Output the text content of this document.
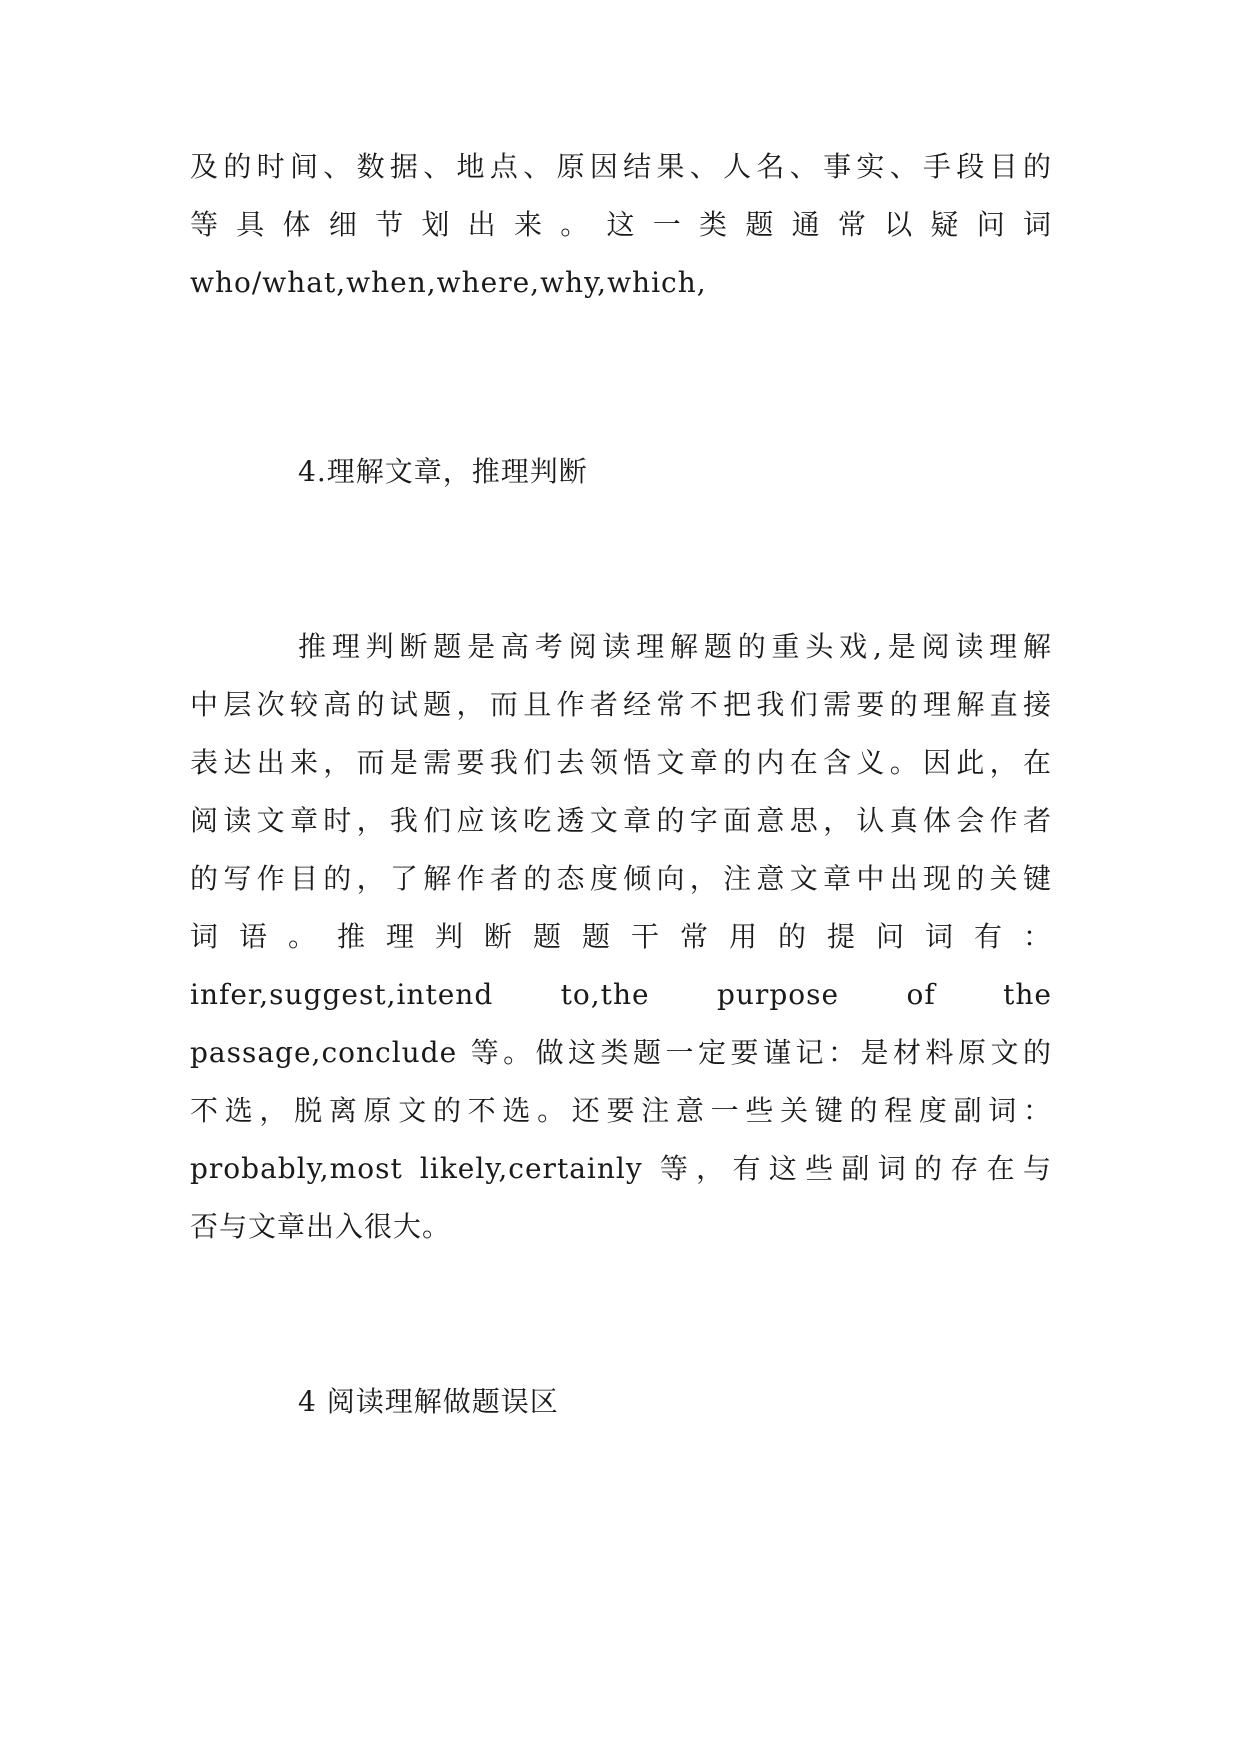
及的时间、数据、地点、原因结果、人名、事实、手段目的
等 具 体 细 节 划 出 来 。 这 一 类 题 通 常 以 疑 问 词
who/what,when,where,why,which,

4.理解文章，推理判断

推理判断题是高考阅读理解题的重头戏,是阅读理解
中层次较高的试题，而且作者经常不把我们需要的理解直接
表达出来，而是需要我们去领悟文章的内在含义。因此，在
阅读文章时，我们应该吃透文章的字面意思，认真体会作者
的写作目的，了解作者的态度倾向，注意文章中出现的关键
词 语 。 推 理 判 断 题 题 干 常 用 的 提 问 词 有 ：
infer,suggest,intend to,the purpose of the
passage,conclude 等。做这类题一定要谨记：是材料原文的
不选，脱离原文的不选。还要注意一些关键的程度副词：
probably,most likely,certainly 等，有这些副词的存在与
否与文章出入很大。

4 阅读理解做题误区
